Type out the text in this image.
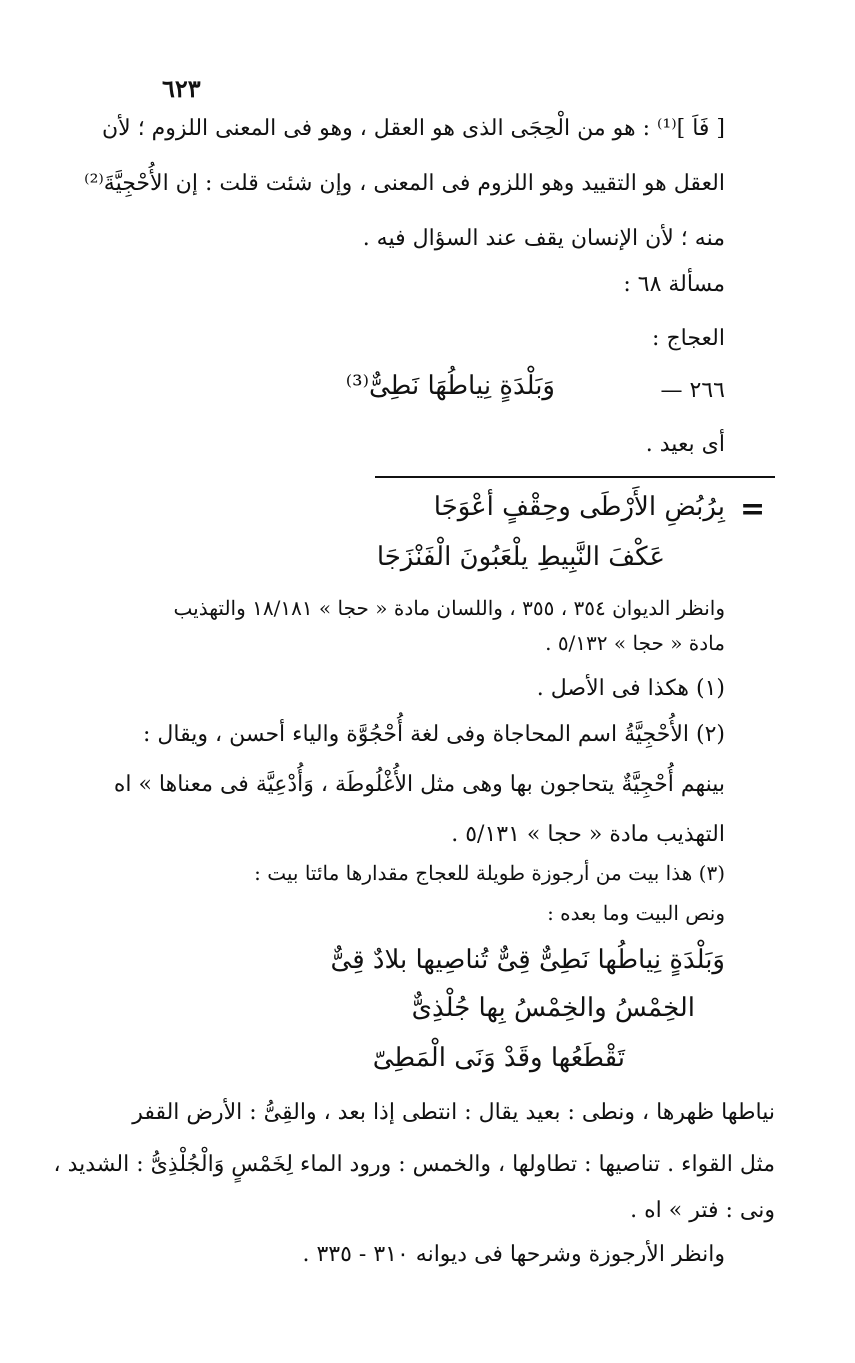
٦٢٣
[ فَاَ ]⁽¹⁾ : هو من الْحِجَى الذى هو العقل ، وهو فى المعنى اللزوم ؛ لأن
العقل هو التقييد وهو اللزوم فى المعنى ، وإن شئت قلت : إن الأُحْجِيَّةَ⁽²⁾
منه ؛ لأن الإنسان يقف عند السؤال فيه .
مسألة ٦٨ :
العجاج :
٢٦٦ —
وَبَلْدَةٍ نِياطُهَا نَطِىٌّ⁽³⁾
أى بعيد .
=
بِرُبُضِ الأَرْطَى وحِقْفٍ أعْوَجَا
عَكْفَ النَّبِيطِ يلْعَبُونَ الْفَنْزَجَا
وانظر الديوان ٣٥٤ ، ٣٥٥ ، واللسان مادة « حجا » ١٨/١٨١ والتهذيب
مادة « حجا » ٥/١٣٢ .
(١) هكذا فى الأصل .
(٢) الأُحْجِيَّةُ اسم المحاجاة وفى لغة أُحْجُوَّة والياء أحسن ، ويقال :
بينهم أُحْجِيَّةٌ يتحاجون بها وهى مثل الأُغْلُوطَة ، وَأُدْعِيَّة فى معناها » اه
التهذيب مادة « حجا » ٥/١٣١ .
(٣) هذا بيت من أرجوزة طويلة للعجاج مقدارها مائتا بيت :
ونص البيت وما بعده :
وَبَلْدَةٍ نِياطُها نَطِىٌّ قِىٌّ تُناصِيها بلادٌ قِىٌّ
الخِمْسُ والخِمْسُ بِها جُلْذِىٌّ
تَقْطَعُها وقَدْ وَنَى الْمَطِىّ
نياطها ظهرها ، ونطى : بعيد يقال : انتطى إذا بعد ، والقِىُّ : الأرض القفر
مثل القواء . تناصيها : تطاولها ، والخمس : ورود الماء لِخَمْسٍ وَالْجُلْذِىُّ : الشديد ،
ونى : فتر » اه .
وانظر الأرجوزة وشرحها فى ديوانه ٣١٠ - ٣٣٥ .
